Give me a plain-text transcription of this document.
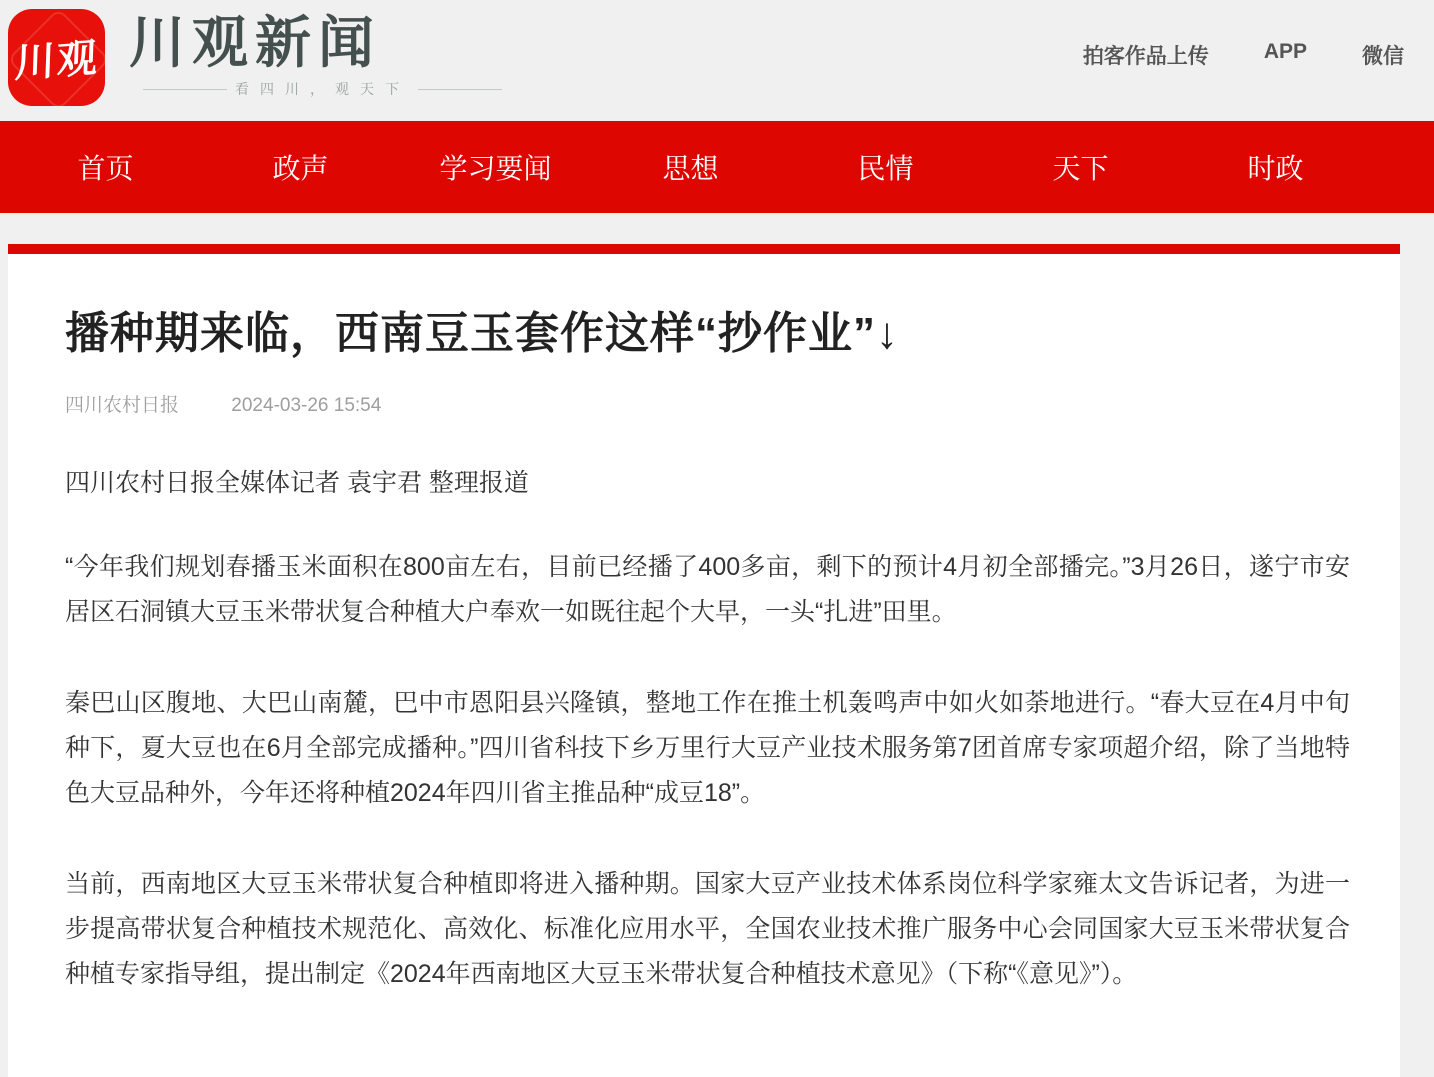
川观 川观新闻
看四川，观天下
拍客作品上传	APP	微信
首页	政声	学习要闻	思想	民情	天下	时政
播种期来临，西南豆玉套作这样“抄作业”↓
四川农村日报	2024-03-26 15:54

四川农村日报全媒体记者 袁宇君 整理报道

“今年我们规划春播玉米面积在800亩左右，目前已经播了400多亩，剩下的预计4月初全部播完。”3月26日，遂宁市安居区石洞镇大豆玉米带状复合种植大户奉欢一如既往起个大早，一头“扎进”田里。

秦巴山区腹地、大巴山南麓，巴中市恩阳县兴隆镇，整地工作在推土机轰鸣声中如火如荼地进行。“春大豆在4月中旬种下，夏大豆也在6月全部完成播种。”四川省科技下乡万里行大豆产业技术服务第7团首席专家项超介绍，除了当地特色大豆品种外，今年还将种植2024年四川省主推品种“成豆18”。

当前，西南地区大豆玉米带状复合种植即将进入播种期。国家大豆产业技术体系岗位科学家雍太文告诉记者，为进一步提高带状复合种植技术规范化、高效化、标准化应用水平，全国农业技术推广服务中心会同国家大豆玉米带状复合种植专家指导组，提出制定《2024年西南地区大豆玉米带状复合种植技术意见》（下称“《意见》”）。
